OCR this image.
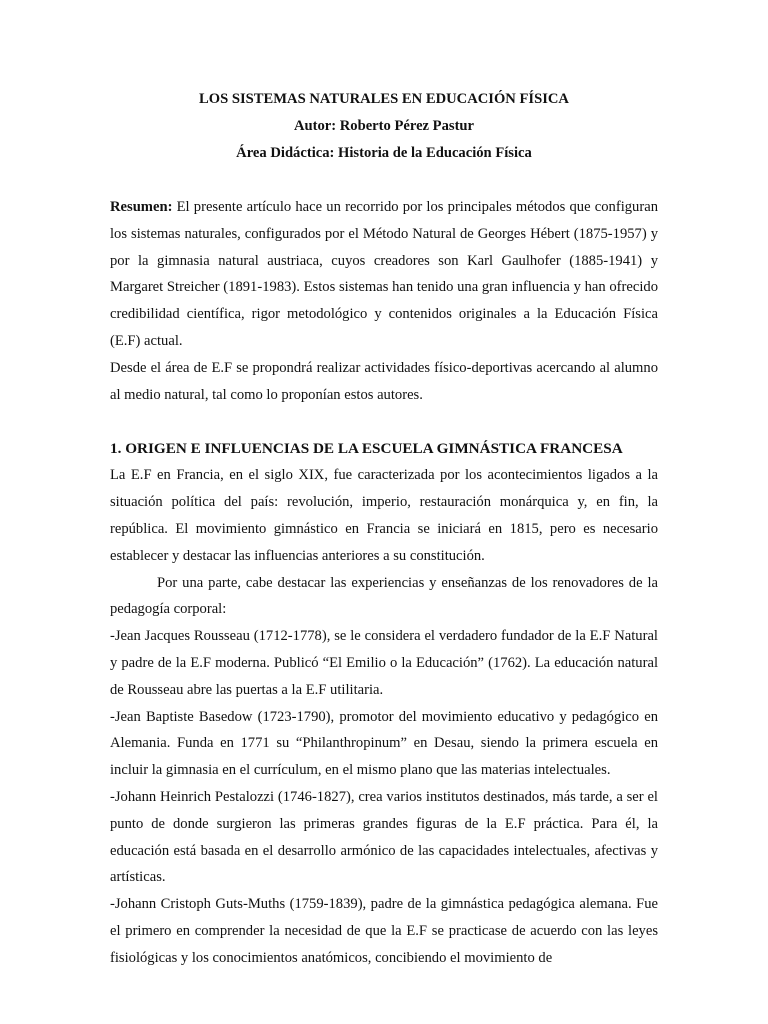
LOS SISTEMAS NATURALES EN EDUCACIÓN FÍSICA

Autor: Roberto Pérez Pastur

Área Didáctica: Historia de la Educación Física

Resumen: El presente artículo hace un recorrido por los principales métodos que configuran los sistemas naturales, configurados por el Método Natural de Georges Hébert (1875-1957) y por la gimnasia natural austriaca, cuyos creadores son Karl Gaulhofer (1885-1941) y Margaret Streicher (1891-1983). Estos sistemas han tenido una gran influencia y han ofrecido credibilidad científica, rigor metodológico y contenidos originales a la Educación Física (E.F) actual.

Desde el área de E.F se propondrá realizar actividades físico-deportivas acercando al alumno al medio natural, tal como lo proponían estos autores.

1. ORIGEN E INFLUENCIAS DE LA ESCUELA GIMNÁSTICA FRANCESA

La E.F en Francia, en el siglo XIX, fue caracterizada por los acontecimientos ligados a la situación política del país: revolución, imperio, restauración monárquica y, en fin, la república. El movimiento gimnástico en Francia se iniciará en 1815, pero es necesario establecer y destacar las influencias anteriores a su constitución.

Por una parte, cabe destacar las experiencias y enseñanzas de los renovadores de la pedagogía corporal:

-Jean Jacques Rousseau (1712-1778), se le considera el verdadero fundador de la E.F Natural y padre de la E.F moderna. Publicó “El Emilio o la Educación” (1762). La educación natural de Rousseau abre las puertas a la E.F utilitaria.

-Jean Baptiste Basedow (1723-1790), promotor del movimiento educativo y pedagógico en Alemania. Funda en 1771 su “Philanthropinum” en Desau, siendo la primera escuela en incluir la gimnasia en el currículum, en el mismo plano que las materias intelectuales.

-Johann Heinrich Pestalozzi (1746-1827), crea varios institutos destinados, más tarde, a ser el punto de donde surgieron las primeras grandes figuras de la E.F práctica. Para él, la educación está basada en el desarrollo armónico de las capacidades intelectuales, afectivas y artísticas.

-Johann Cristoph Guts-Muths (1759-1839), padre de la gimnástica pedagógica alemana. Fue el primero en comprender la necesidad de que la E.F se practicase de acuerdo con las leyes fisiológicas y los conocimientos anatómicos, concibiendo el movimiento de
